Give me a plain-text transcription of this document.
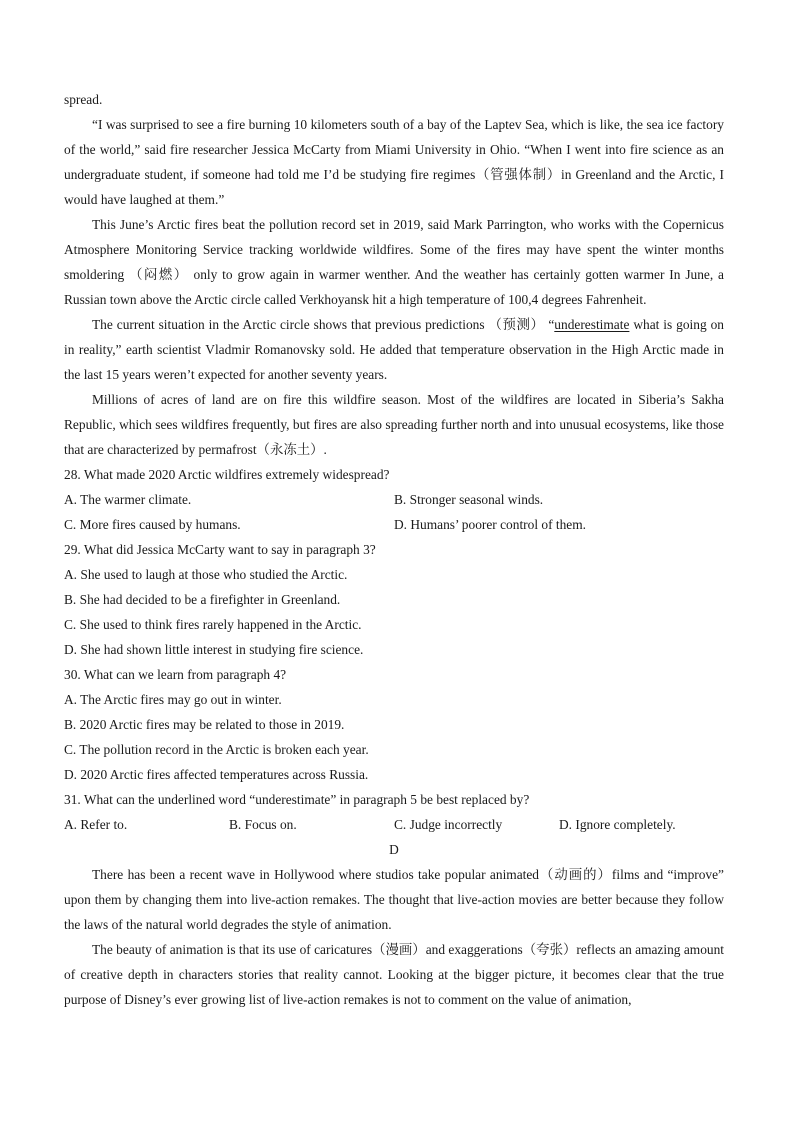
spread.

“I was surprised to see a fire burning 10 kilometers south of a bay of the Laptev Sea, which is like, the sea ice factory of the world,” said fire researcher Jessica McCarty from Miami University in Ohio. “When I went into fire science as an undergraduate student, if someone had told me I’d be studying fire regimes（管强体制）in Greenland and the Arctic, I would have laughed at them.”

This June’s Arctic fires beat the pollution record set in 2019, said Mark Parrington, who works with the Copernicus Atmosphere Monitoring Service tracking worldwide wildfires. Some of the fires may have spent the winter months smoldering （闷燃） only to grow again in warmer wenther. And the weather has certainly gotten warmer In June, a Russian town above the Arctic circle called Verkhoyansk hit a high temperature of 100,4 degrees Fahrenheit.

The current situation in the Arctic circle shows that previous predictions （预测） “underestimate what is going on in reality,” earth scientist Vladmir Romanovsky sold. He added that temperature observation in the High Arctic made in the last 15 years weren’t expected for another seventy years.

Millions of acres of land are on fire this wildfire season. Most of the wildfires are located in Siberia’s Sakha Republic, which sees wildfires frequently, but fires are also spreading further north and into unusual ecosystems, like those that are characterized by permafrost（永冻土）.

28. What made 2020 Arctic wildfires extremely widespread?
A. The warmer climate.	B. Stronger seasonal winds.
C. More fires caused by humans.	D. Humans’ poorer control of them.
29. What did Jessica McCarty want to say in paragraph 3?
A. She used to laugh at those who studied the Arctic.
B. She had decided to be a firefighter in Greenland.
C. She used to think fires rarely happened in the Arctic.
D. She had shown little interest in studying fire science.
30. What can we learn from paragraph 4?
A. The Arctic fires may go out in winter.
B. 2020 Arctic fires may be related to those in 2019.
C. The pollution record in the Arctic is broken each year.
D. 2020 Arctic fires affected temperatures across Russia.
31. What can the underlined word “underestimate” in paragraph 5 be best replaced by?
A. Refer to.	B. Focus on.	C. Judge incorrectly	D. Ignore completely.
D

There has been a recent wave in Hollywood where studios take popular animated（动画的）films and “improve” upon them by changing them into live-action remakes. The thought that live-action movies are better because they follow the laws of the natural world degrades the style of animation.

The beauty of animation is that its use of caricatures（漫画）and exaggerations（夸张）reflects an amazing amount of creative depth in characters stories that reality cannot. Looking at the bigger picture, it becomes clear that the true purpose of Disney’s ever growing list of live-action remakes is not to comment on the value of animation,
